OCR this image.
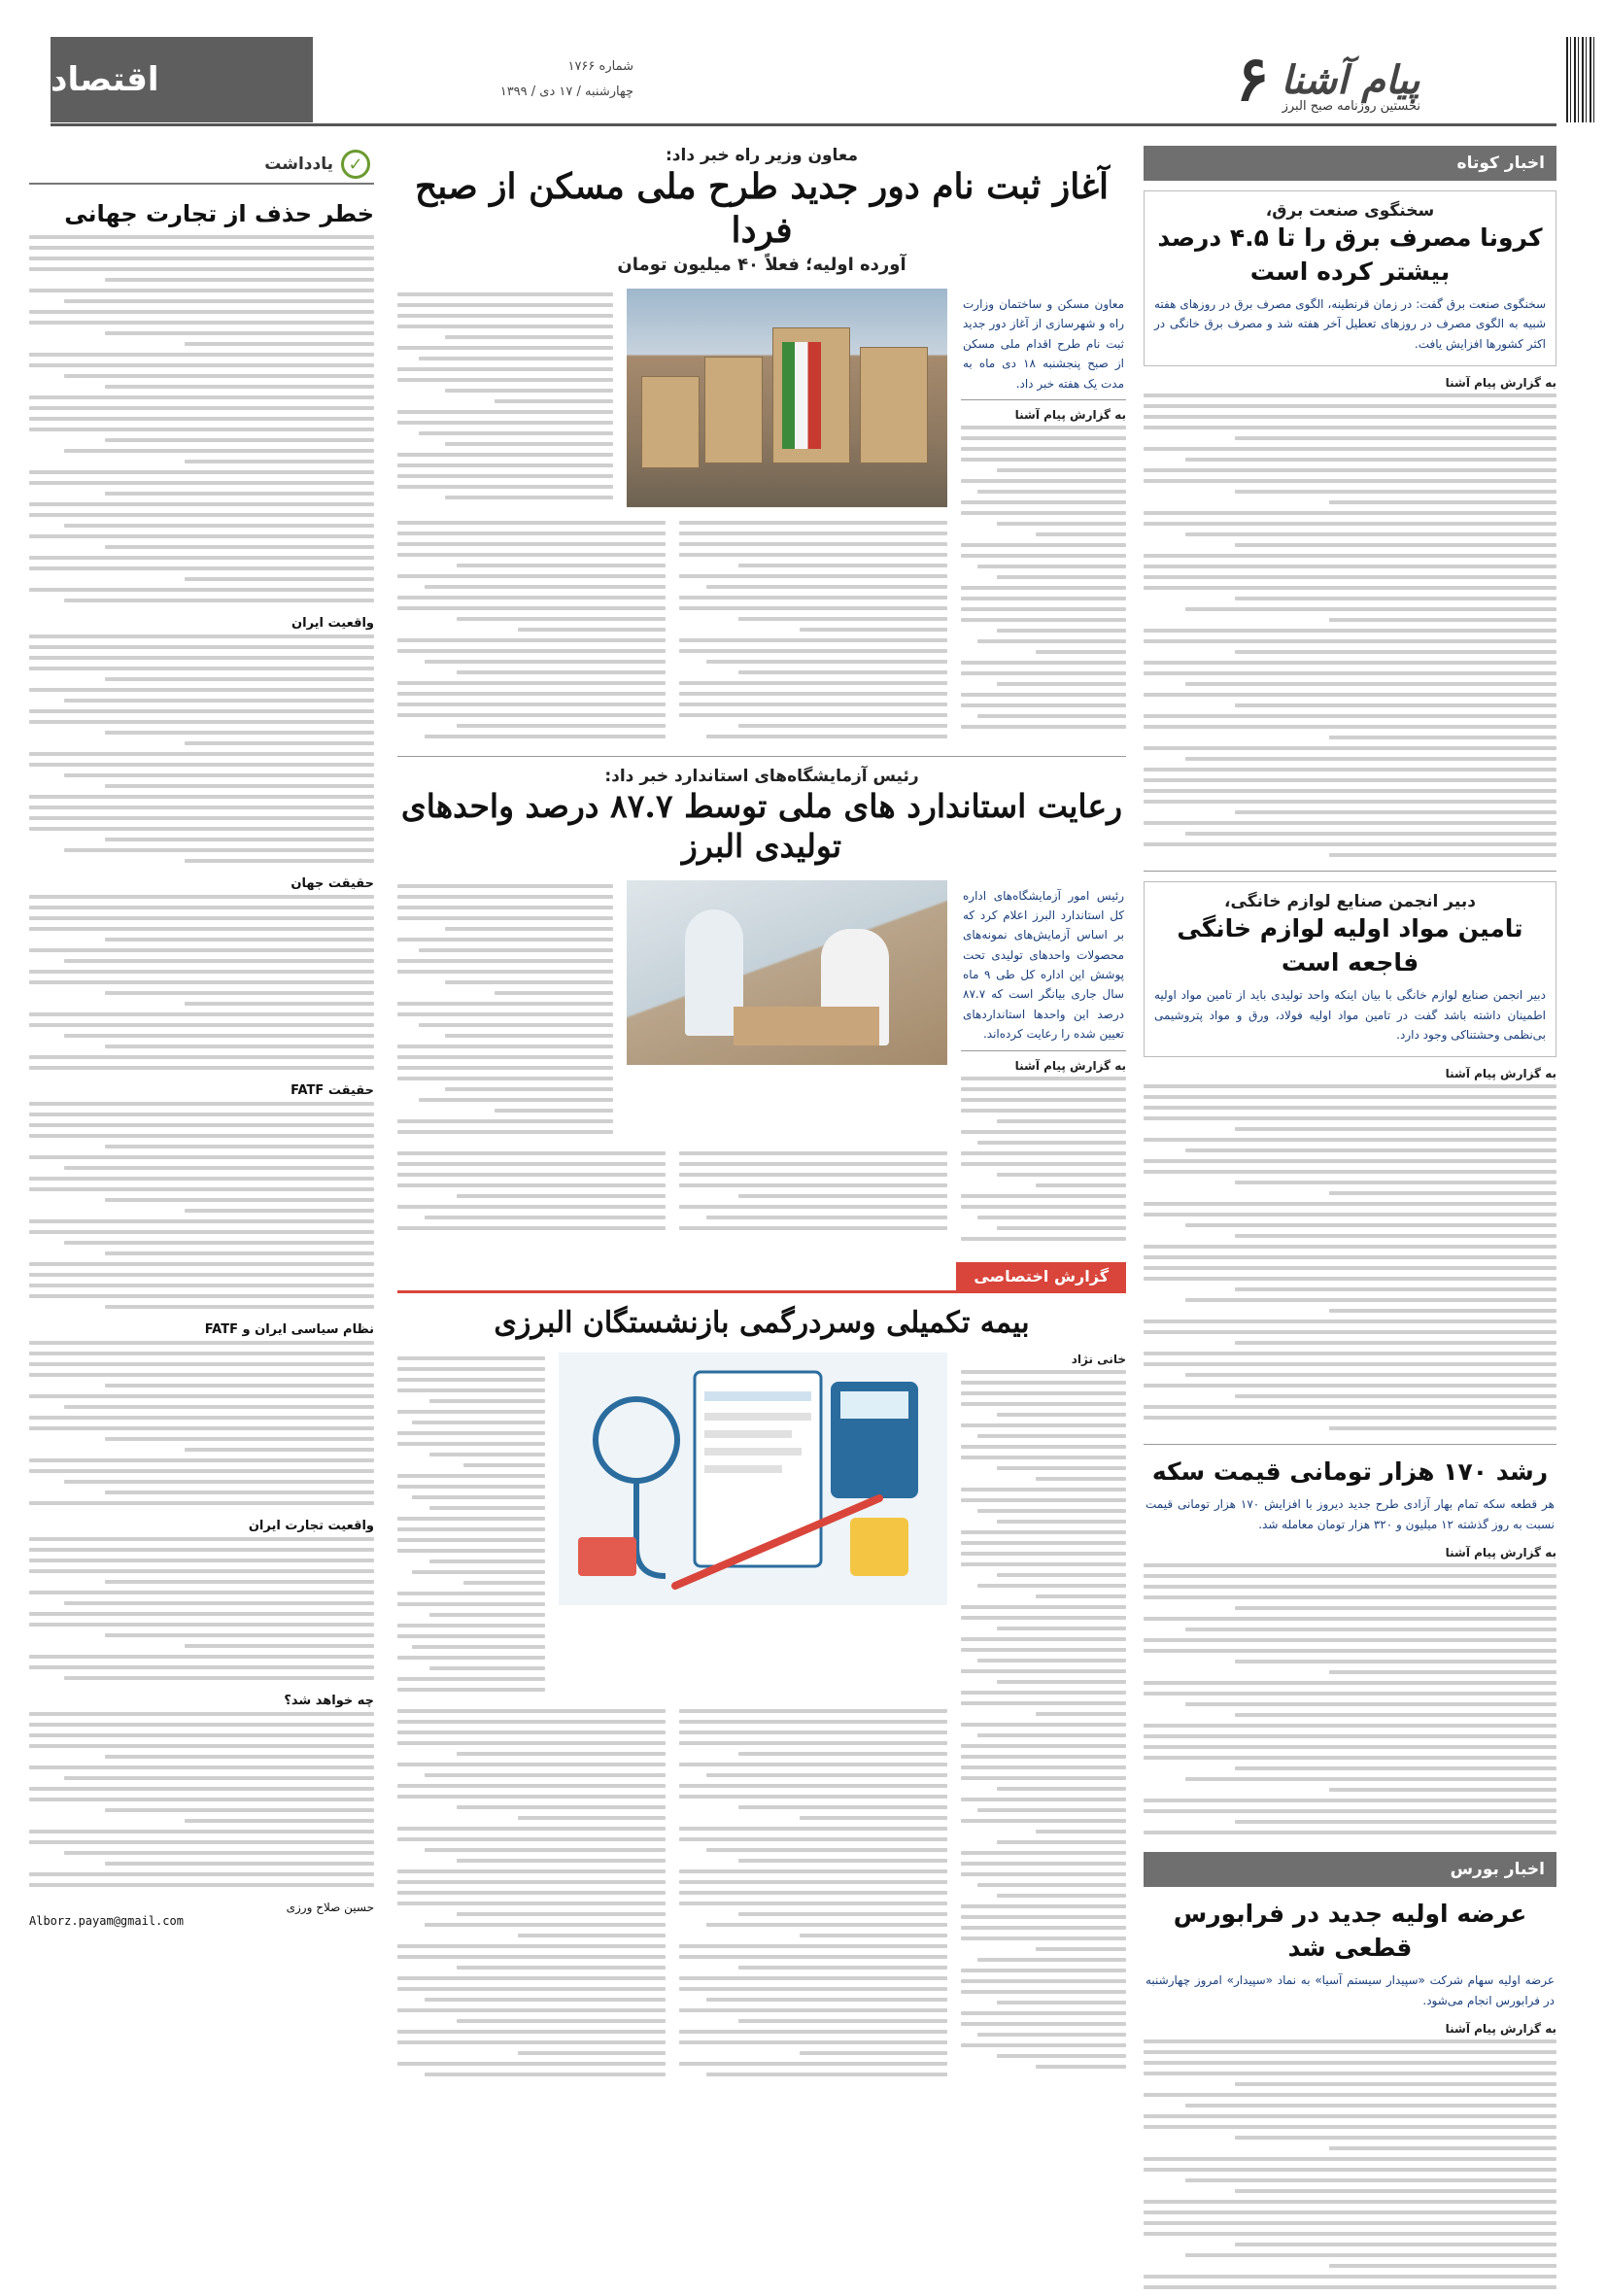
پیام آشنا
۶ نخستین روزنامه صبح البرز
شماره ۱۷۶۶
چهارشنبه / ۱۷ دی / ۱۳۹۹
اقتصاد
اخبار کوتاه
سخنگوی صنعت برق،
کرونا مصرف برق را تا ۴.۵ درصد بیشتر کرده است
سخنگوی صنعت برق گفت: در زمان قرنطینه، الگوی مصرف برق در روزهای هفته شبیه به الگوی مصرف در روزهای تعطیل آخر هفته شد و مصرف برق خانگی در اکثر کشورها افزایش یافت.
به گزارش پیام آشنا
دبیر انجمن صنایع لوازم خانگی،
تامین مواد اولیه لوازم خانگی فاجعه است
دبیر انجمن صنایع لوازم خانگی با بیان اینکه واحد تولیدی باید از تامین مواد اولیه اطمینان داشته باشد گفت در تامین مواد اولیه فولاد، ورق و مواد پتروشیمی بی‌نظمی وحشتناکی وجود دارد.
به گزارش پیام آشنا
رشد ۱۷۰ هزار تومانی قیمت سکه
هر قطعه سکه تمام بهار آزادی طرح جدید دیروز با افزایش ۱۷۰ هزار تومانی قیمت نسبت به روز گذشته ۱۲ میلیون و ۳۲۰ هزار تومان معامله شد.
به گزارش پیام آشنا
اخبار بورس
عرضه اولیه جدید در فرابورس قطعی شد
عرضه اولیه سهام شرکت «سپیدار سیستم آسیا» به نماد «سپیدار» امروز چهارشنبه در فرابورس انجام می‌شود.
به گزارش پیام آشنا
معاون وزیر راه خبر داد:
آغاز ثبت نام دور جدید طرح ملی مسکن از صبح فردا
آورده اولیه؛ فعلاً ۴۰ میلیون تومان
معاون مسکن و ساختمان وزارت راه و شهرسازی از آغاز دور جدید ثبت نام طرح اقدام ملی مسکن از صبح پنجشنبه ۱۸ دی ماه به مدت یک هفته خبر داد.
به گزارش پیام آشنا
رئیس آزمایشگاه‌های استاندارد خبر داد:
رعایت استاندارد های ملی توسط ۸۷.۷ درصد واحدهای تولیدی البرز
رئیس امور آزمایشگاه‌های اداره کل استاندارد البرز اعلام کرد که بر اساس آزمایش‌های نمونه‌های محصولات واحدهای تولیدی تحت پوشش این اداره کل طی ۹ ماه سال جاری بیانگر است که ۸۷.۷ درصد این واحدها استانداردهای تعیین شده را رعایت کرده‌اند.
به گزارش پیام آشنا
گزارش اختصاصی
بیمه تکمیلی وسردرگمی بازنشستگان البرزی
خانی نژاد
✓
یادداشت
خطر حذف از تجارت جهانی
واقعیت ایران
حقیقت جهان
حقیقت FATF
نظام سیاسی ایران و FATF
واقعیت تجارت ایران
چه خواهد شد؟
حسین صلاح ورزی
Alborz.payam@gmail.com
